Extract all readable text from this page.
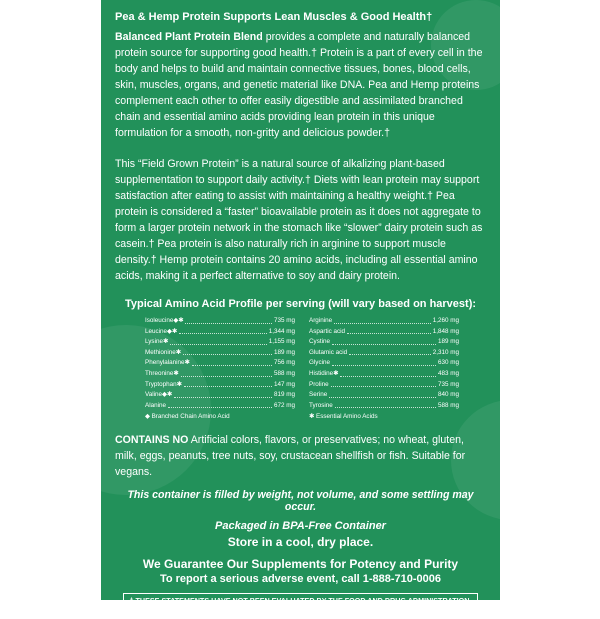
Pea & Hemp Protein Supports Lean Muscles & Good Health†

Balanced Plant Protein Blend provides a complete and naturally balanced protein source for supporting good health.† Protein is a part of every cell in the body and helps to build and maintain connective tissues, bones, blood cells, skin, muscles, organs, and genetic material like DNA. Pea and Hemp proteins complement each other to offer easily digestible and assimilated branched chain and essential amino acids providing lean protein in this unique formulation for a smooth, non-gritty and delicious powder.†

This “Field Grown Protein” is a natural source of alkalizing plant-based supplementation to support daily activity.† Diets with lean protein may support satisfaction after eating to assist with maintaining a healthy weight.† Pea protein is considered a “faster” bioavailable protein as it does not aggregate to form a larger protein network in the stomach like “slower” dairy protein such as casein.† Pea protein is also naturally rich in arginine to support muscle density.† Hemp protein contains 20 amino acids, including all essential amino acids, making it a perfect alternative to soy and dairy protein.

Typical Amino Acid Profile per serving (will vary based on harvest):
Isoleucine◆✱	735 mg
Leucine◆✱	1,344 mg
Lysine✱	1,155 mg
Methionine✱	189 mg
Phenylalanine✱	756 mg
Threonine✱	588 mg
Tryptophan✱	147 mg
Valine◆✱	819 mg
Alanine	672 mg
◆ Branched Chain Amino Acid
Arginine	1,260 mg
Aspartic acid	1,848 mg
Cystine	189 mg
Glutamic acid	2,310 mg
Glycine	630 mg
Histidine✱	483 mg
Proline	735 mg
Serine	840 mg
Tyrosine	588 mg
✱ Essential Amino Acids

CONTAINS NO Artificial colors, flavors, or preservatives; no wheat, gluten, milk, eggs, peanuts, tree nuts, soy, crustacean shellfish or fish. Suitable for vegans.

This container is filled by weight, not volume, and some settling may occur.
Packaged in BPA-Free Container
Store in a cool, dry place.
We Guarantee Our Supplements for Potency and Purity
To report a serious adverse event, call 1-888-710-0006
† THESE STATEMENTS HAVE NOT BEEN EVALUATED BY THE FOOD AND DRUG ADMINISTRATION.
THIS PRODUCT IS NOT INTENDED TO DIAGNOSE, TREAT, CURE, OR PREVENT ANY DISEASE.
